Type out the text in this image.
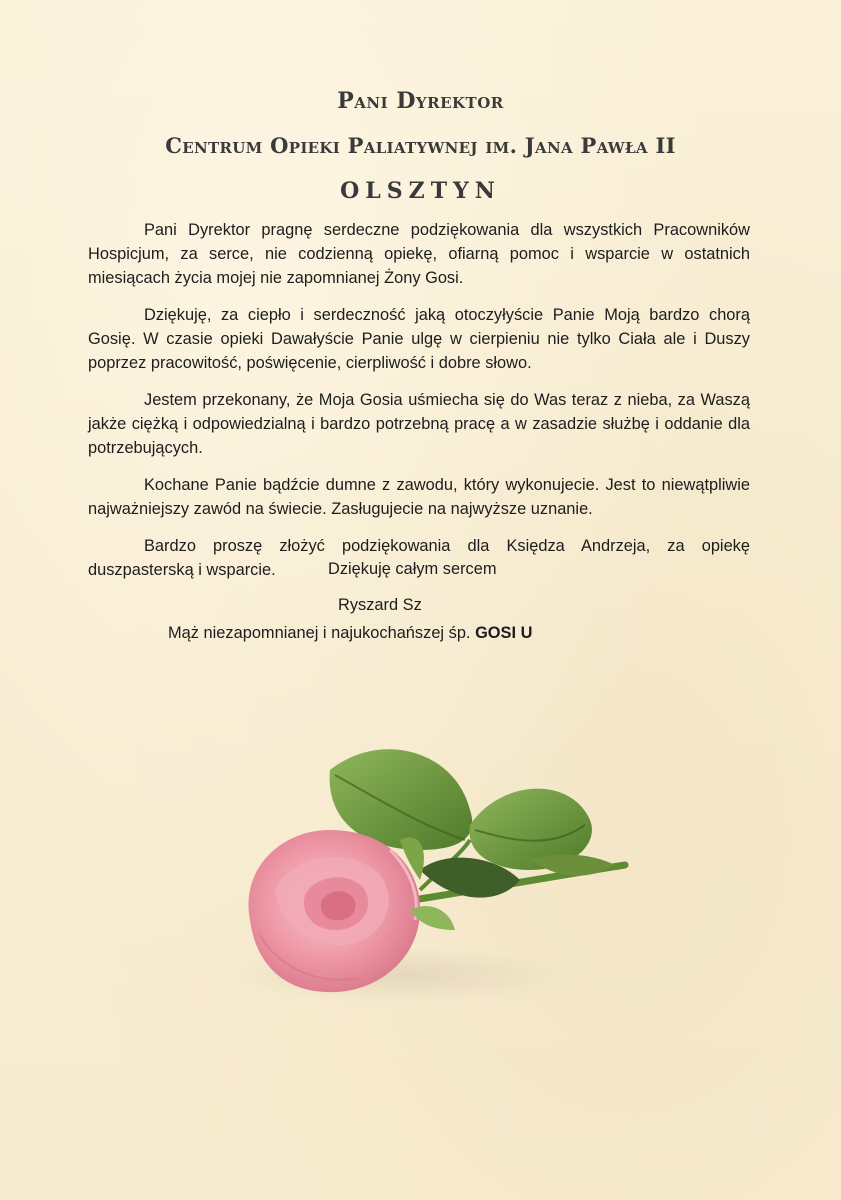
Pani Dyrektor
Centrum Opieki Paliatywnej im. Jana Pawła II
OLSZTYN

Pani Dyrektor pragnę serdeczne podziękowania dla wszystkich Pracowników Hospicjum, za serce, nie codzienną opiekę, ofiarną pomoc i wsparcie w ostatnich miesiącach życia mojej nie zapomnianej Żony Gosi.

Dziękuję, za ciepło i serdeczność jaką otoczyłyście Panie Moją bardzo chorą Gosię. W czasie opieki Dawałyście Panie ulgę w cierpieniu nie tylko Ciała ale i Duszy poprzez pracowitość, poświęcenie, cierpliwość i dobre słowo.

Jestem przekonany, że Moja Gosia uśmiecha się do Was teraz z nieba, za Waszą jakże ciężką i odpowiedzialną i bardzo potrzebną pracę a w zasadzie służbę i oddanie dla potrzebujących.

Kochane Panie bądźcie dumne z zawodu, który wykonujecie. Jest to niewątpliwie najważniejszy zawód na świecie. Zasługujecie na najwyższe uznanie.

Bardzo proszę złożyć podziękowania dla Księdza Andrzeja, za opiekę duszpasterską i wsparcie.	Dziękuję całym sercem

Ryszard Sz

Mąż niezapomnianej i najukochańszej śp. GOSI U
